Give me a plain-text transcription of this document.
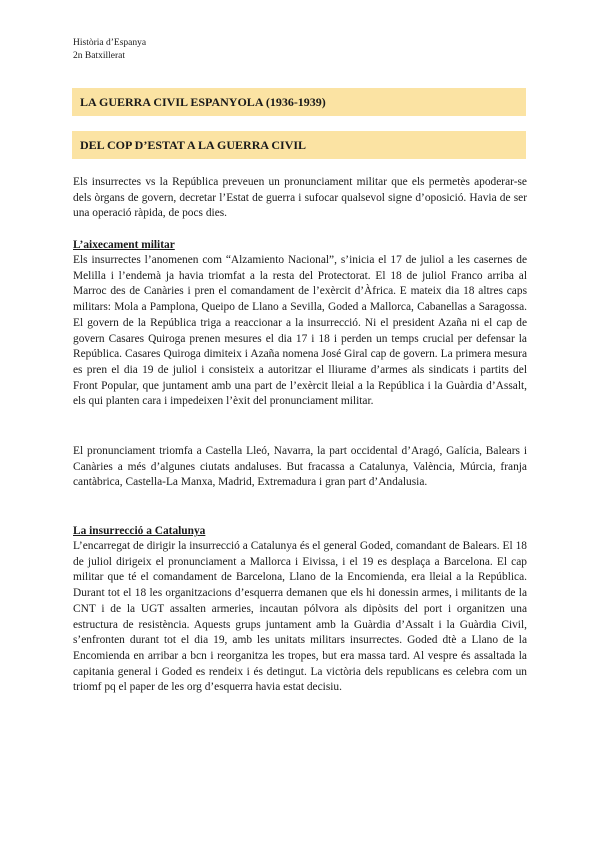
Història d’Espanya
2n Batxillerat
LA GUERRA CIVIL ESPANYOLA (1936-1939)
DEL COP D’ESTAT A LA GUERRA CIVIL
Els insurrectes vs la República preveuen un pronunciament militar que els permetès apoderar-se dels òrgans de govern, decretar l’Estat de guerra i sufocar qualsevol signe d’oposició. Havia de ser una operació ràpida, de pocs dies.
L’aixecament militar
Els insurrectes l’anomenen com “Alzamiento Nacional”, s’inicia el 17 de juliol a les casernes de Melilla i l’endemà ja havia triomfat a la resta del Protectorat. El 18 de juliol Franco arriba al Marroc des de Canàries i pren el comandament de l’exèrcit d’Àfrica. E mateix dia 18 altres caps militars: Mola a Pamplona, Queipo de Llano a Sevilla, Goded a Mallorca, Cabanellas a Saragossa. El govern de la República triga a reaccionar a la insurrecció. Ni el president Azaña ni el cap de govern Casares Quiroga prenen mesures el dia 17 i 18 i perden un temps crucial per defensar la República. Casares Quiroga dimiteix i Azaña nomena José Giral cap de govern. La primera mesura es pren el dia 19 de juliol i consisteix a autoritzar el lliurame d’armes als sindicats i partits del Front Popular, que juntament amb una part de l’exèrcit lleial a la República i la Guàrdia d’Assalt, els qui planten cara i impedeixen l’èxit del pronunciament militar.
El pronunciament triomfa a Castella Lleó, Navarra, la part occidental d’Aragó, Galícia, Balears i Canàries a més d’algunes ciutats andaluses. But fracassa a Catalunya, València, Múrcia, franja cantàbrica, Castella-La Manxa, Madrid, Extremadura i gran part d’Andalusia.
La insurrecció a Catalunya
L’encarregat de dirigir la insurrecció a Catalunya és el general Goded, comandant de Balears. El 18 de juliol dirigeix el pronunciament a Mallorca i Eivissa, i el 19 es desplaça a Barcelona. El cap militar que té el comandament de Barcelona, Llano de la Encomienda, era lleial a la República. Durant tot el 18 les organitzacions d’esquerra demanen que els hi donessin armes, i militants de la CNT i de la UGT assalten armeries, incautan pólvora als dipòsits del port i organitzen una estructura de resistència. Aquests grups juntament amb la Guàrdia d’Assalt i la Guàrdia Civil, s’enfronten durant tot el dia 19, amb les unitats militars insurrectes. Goded dtè a Llano de la Encomienda en arribar a bcn i reorganitza les tropes, but era massa tard. Al vespre és assaltada la capitania general i Goded es rendeix i és detingut. La victòria dels republicans es celebra com un triomf pq el paper de les org d’esquerra havia estat decisiu.
